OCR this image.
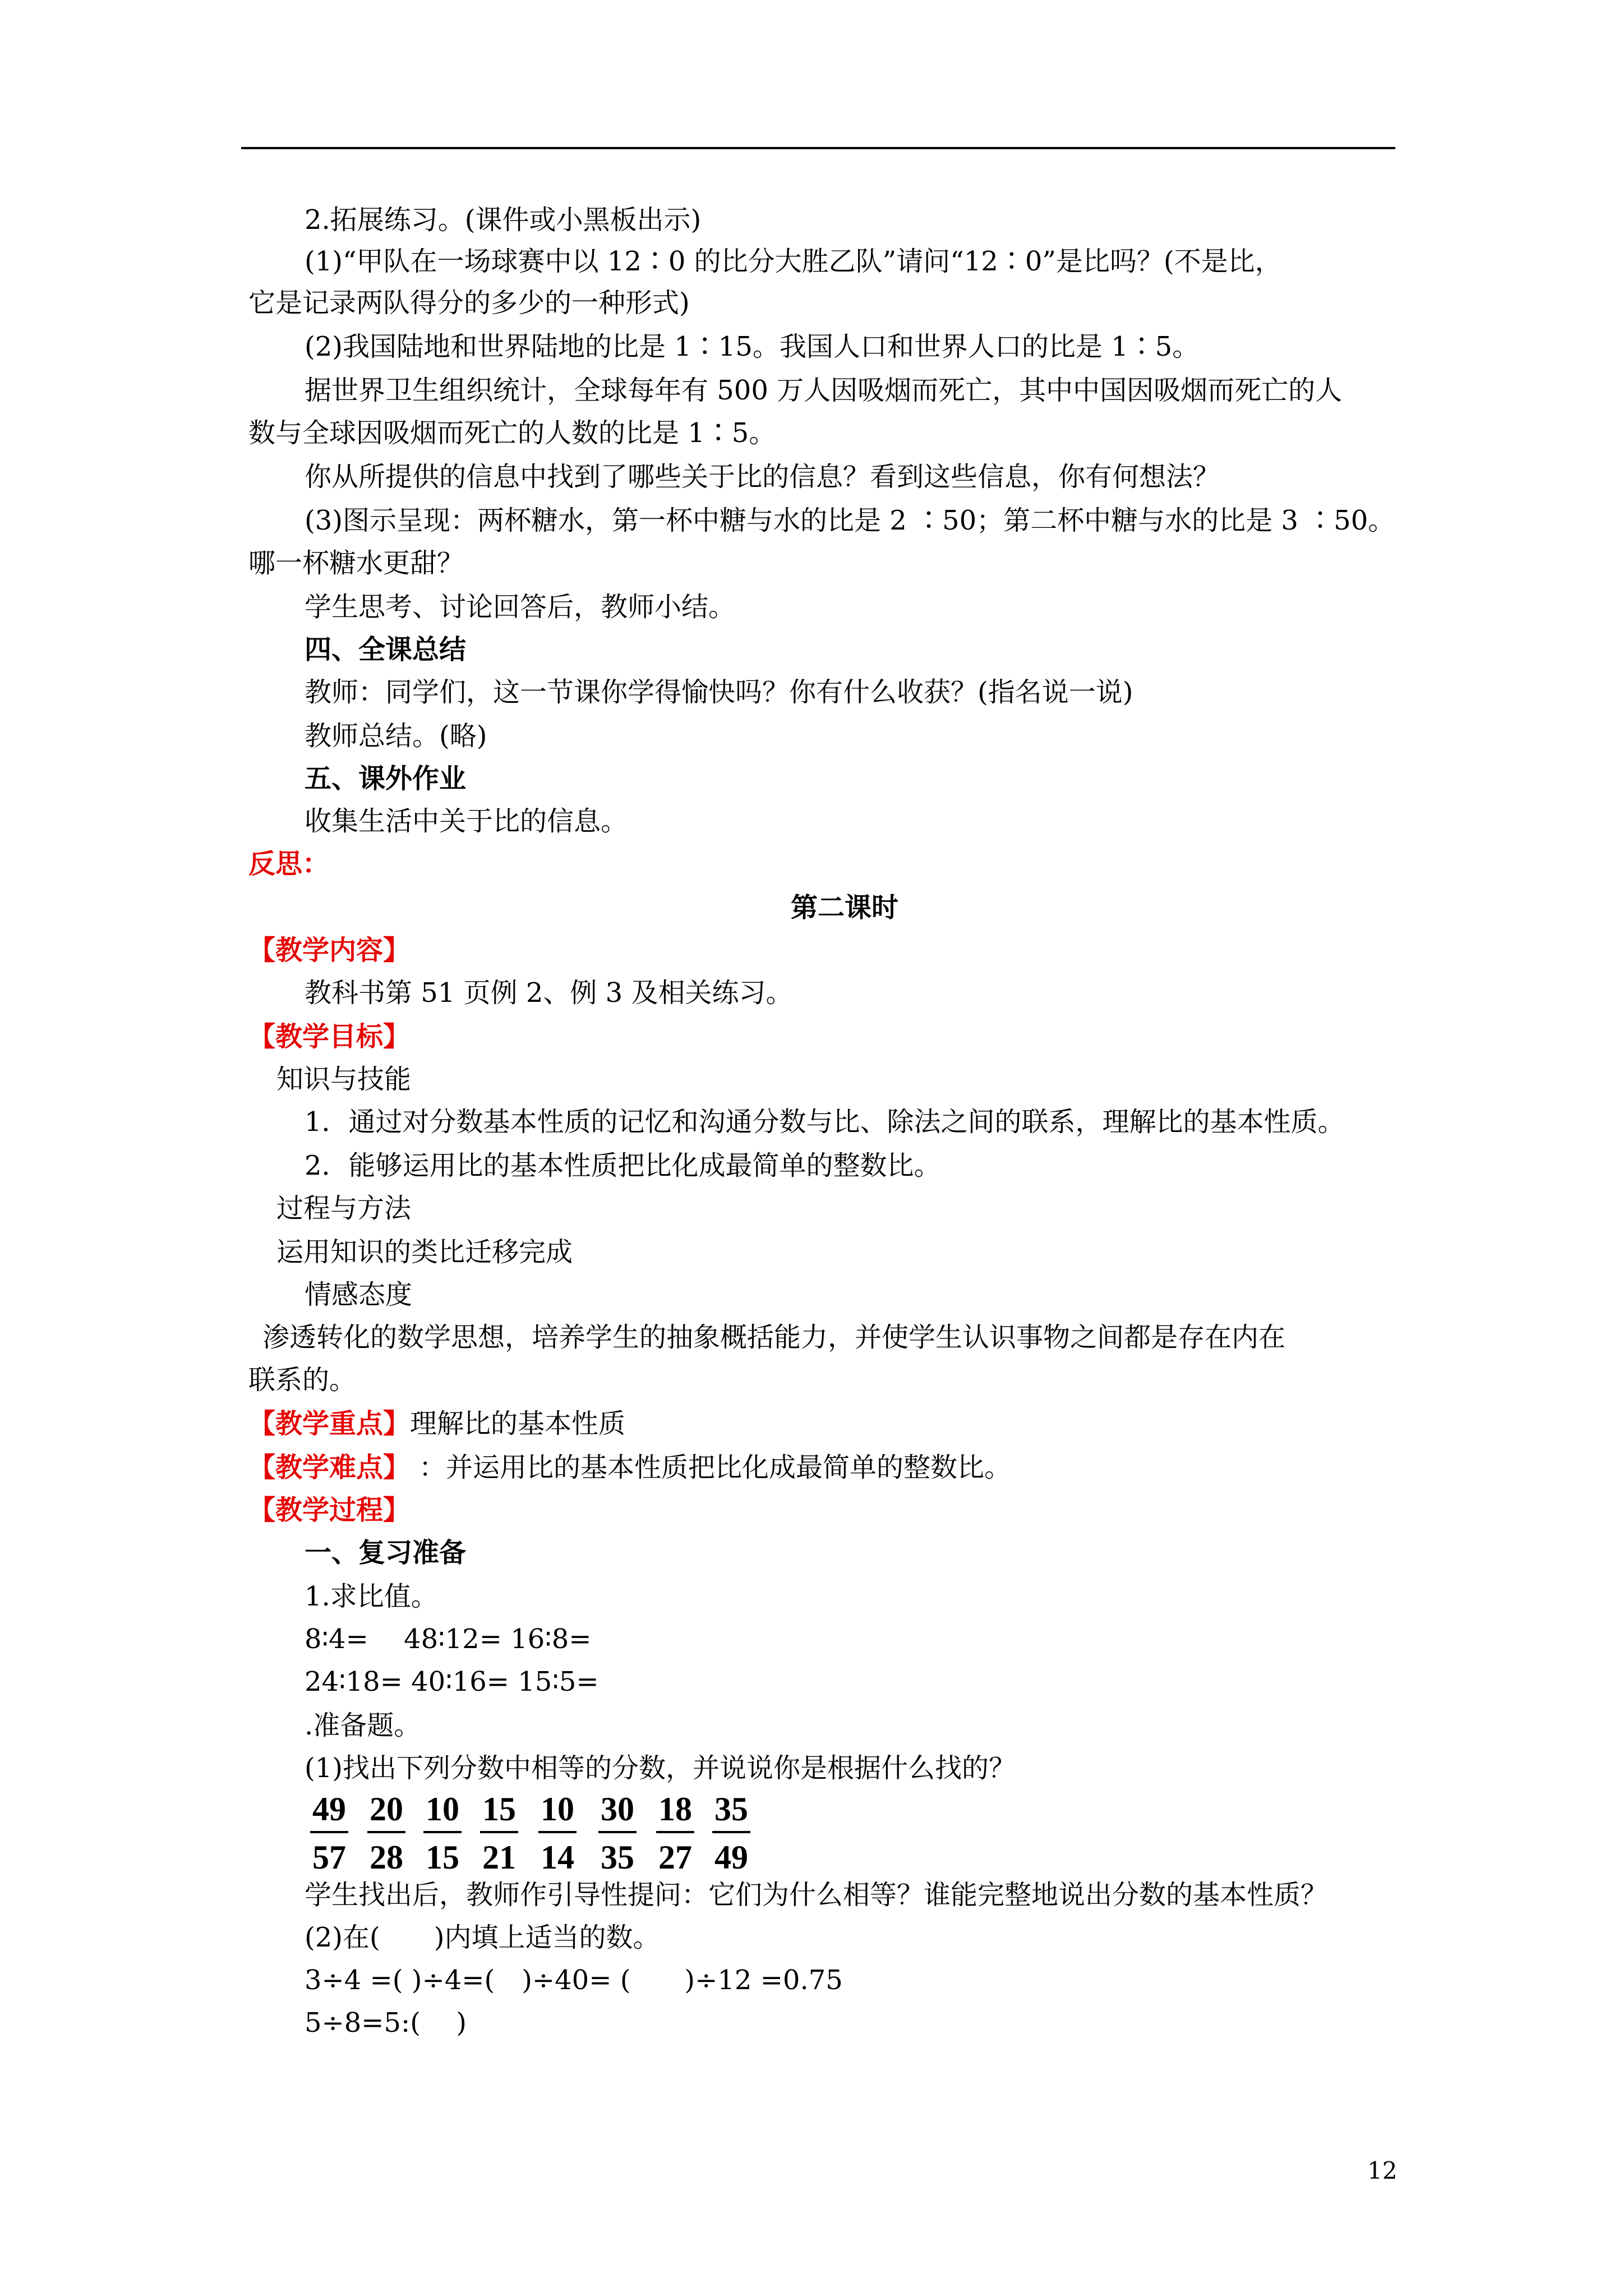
2.拓展练习。(课件或小黑板出示)
(1)“甲队在一场球赛中以 12∶0 的比分大胜乙队”请问“12∶0”是比吗？(不是比，
它是记录两队得分的多少的一种形式)
(2)我国陆地和世界陆地的比是 1∶15。我国人口和世界人口的比是 1∶5。
据世界卫生组织统计，全球每年有 500 万人因吸烟而死亡，其中中国因吸烟而死亡的人
数与全球因吸烟而死亡的人数的比是 1∶5。
你从所提供的信息中找到了哪些关于比的信息？看到这些信息，你有何想法？
(3)图示呈现：两杯糖水，第一杯中糖与水的比是 2 ∶50；第二杯中糖与水的比是 3 ∶50。
哪一杯糖水更甜？
学生思考、讨论回答后，教师小结。
四、全课总结
教师：同学们，这一节课你学得愉快吗？你有什么收获？(指名说一说)
教师总结。(略)
五、课外作业
收集生活中关于比的信息。
反思：
第二课时
【教学内容】
教科书第 51 页例 2、例 3 及相关练习。
【教学目标】
知识与技能
1．通过对分数基本性质的记忆和沟通分数与比、除法之间的联系，理解比的基本性质。
2．能够运用比的基本性质把比化成最简单的整数比。
过程与方法
运用知识的类比迁移完成
情感态度
渗透转化的数学思想，培养学生的抽象概括能力，并使学生认识事物之间都是存在内在
联系的。
【教学重点】理解比的基本性质
【教学难点】 ：并运用比的基本性质把比化成最简单的整数比。
【教学过程】
一、复习准备
1.求比值。
8∶4=　 48∶12= 16∶8=
24∶18= 40∶16= 15∶5=
.准备题。
(1)找出下列分数中相等的分数，并说说你是根据什么找的？
49
57
20
28
10
15
15
21
10
14
30
35
18
27
35
49
学生找出后，教师作引导性提问：它们为什么相等？谁能完整地说出分数的基本性质？
(2)在(　　)内填上适当的数。
3÷4 =( )÷4=(　)÷40= (　　)÷12 =0.75
5÷8=5:(　 )
12
